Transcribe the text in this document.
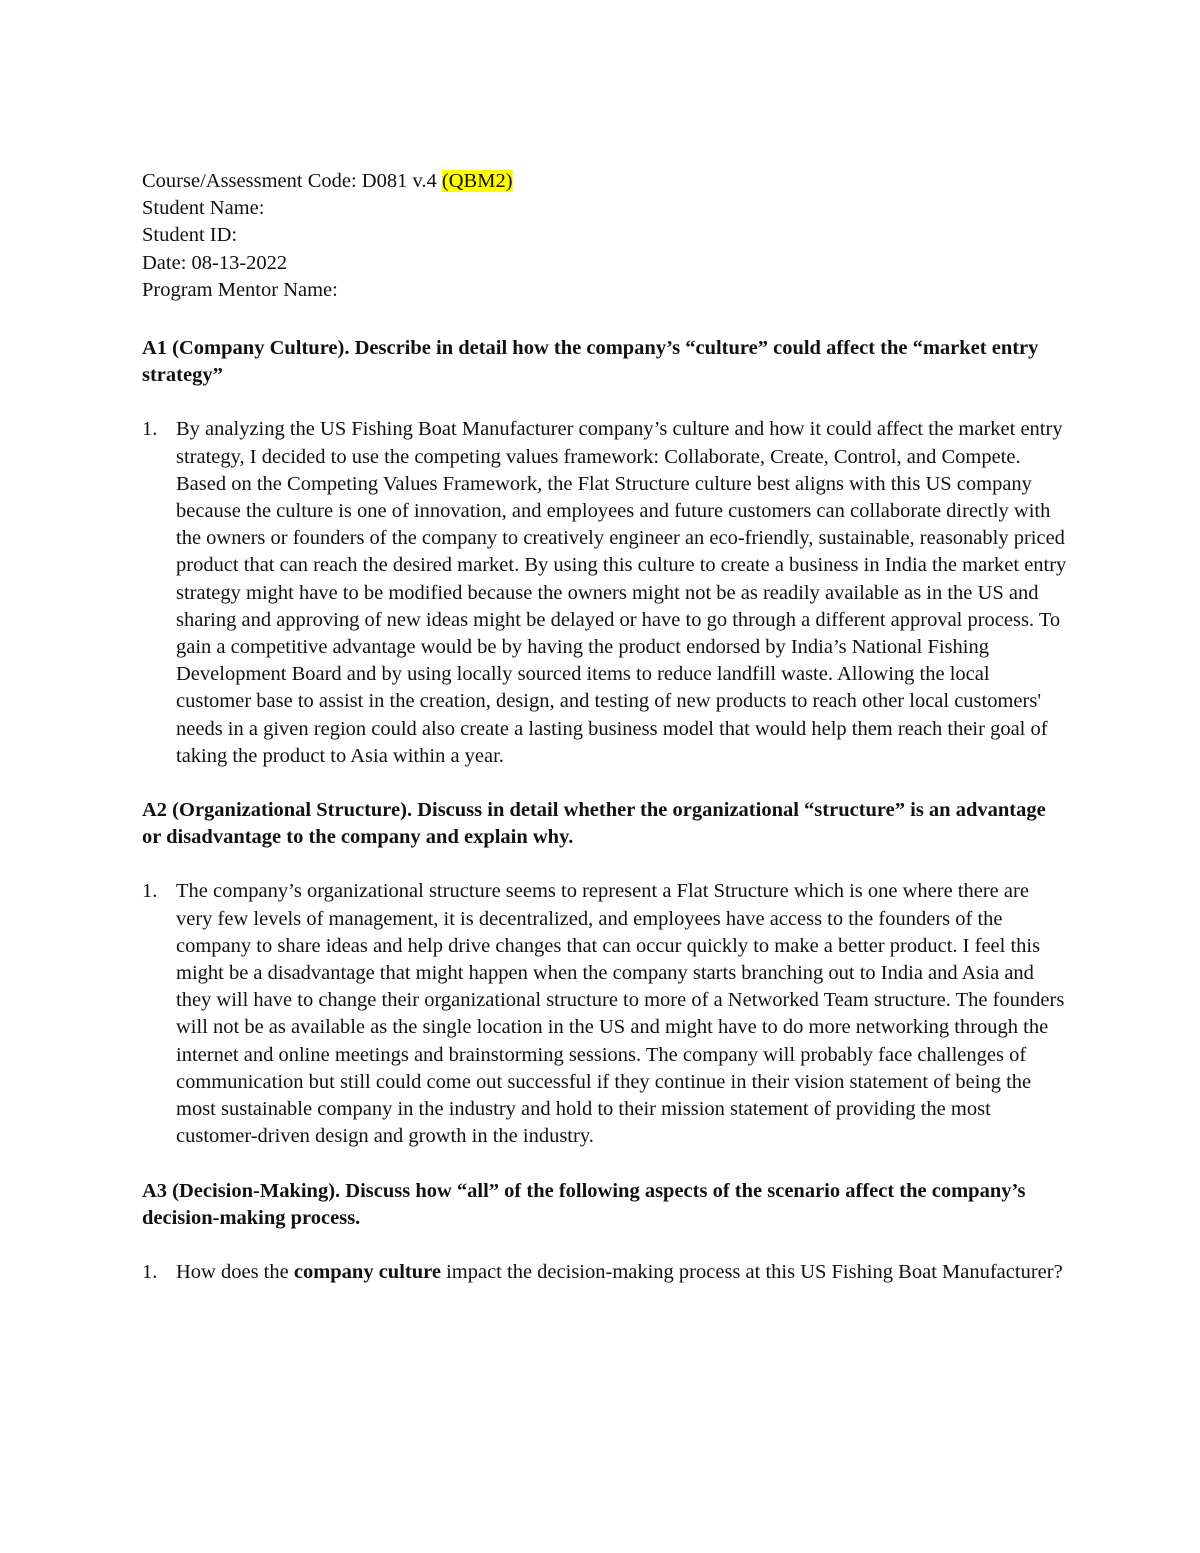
Course/Assessment Code: D081 v.4 (QBM2)

Student Name:

Student ID:

Date: 08-13-2022

Program Mentor Name:

A1 (Company Culture). Describe in detail how the company’s “culture” could affect the “market entry strategy”

1. By analyzing the US Fishing Boat Manufacturer company’s culture and how it could affect the market entry strategy, I decided to use the competing values framework: Collaborate, Create, Control, and Compete. Based on the Competing Values Framework, the Flat Structure culture best aligns with this US company because the culture is one of innovation, and employees and future customers can collaborate directly with the owners or founders of the company to creatively engineer an eco-friendly, sustainable, reasonably priced product that can reach the desired market. By using this culture to create a business in India the market entry strategy might have to be modified because the owners might not be as readily available as in the US and sharing and approving of new ideas might be delayed or have to go through a different approval process. To gain a competitive advantage would be by having the product endorsed by India’s National Fishing Development Board and by using locally sourced items to reduce landfill waste. Allowing the local customer base to assist in the creation, design, and testing of new products to reach other local customers' needs in a given region could also create a lasting business model that would help them reach their goal of taking the product to Asia within a year.

A2 (Organizational Structure). Discuss in detail whether the organizational “structure” is an advantage or disadvantage to the company and explain why.

1. The company’s organizational structure seems to represent a Flat Structure which is one where there are very few levels of management, it is decentralized, and employees have access to the founders of the company to share ideas and help drive changes that can occur quickly to make a better product. I feel this might be a disadvantage that might happen when the company starts branching out to India and Asia and they will have to change their organizational structure to more of a Networked Team structure. The founders will not be as available as the single location in the US and might have to do more networking through the internet and online meetings and brainstorming sessions. The company will probably face challenges of communication but still could come out successful if they continue in their vision statement of being the most sustainable company in the industry and hold to their mission statement of providing the most customer-driven design and growth in the industry.

A3 (Decision-Making). Discuss how “all” of the following aspects of the scenario affect the company’s decision-making process.

1. How does the company culture impact the decision-making process at this US Fishing Boat Manufacturer?
